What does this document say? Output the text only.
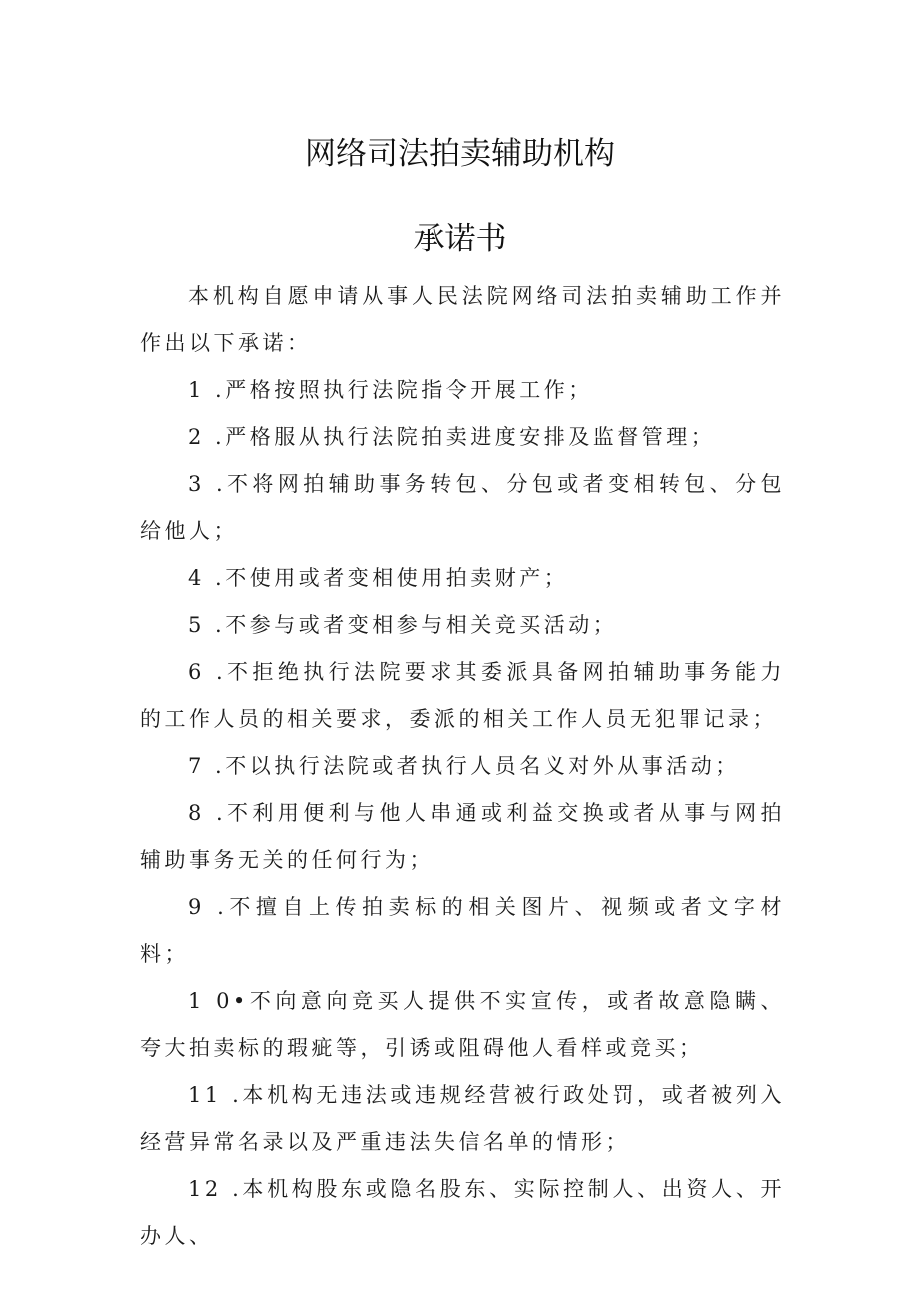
网络司法拍卖辅助机构
承诺书

本机构自愿申请从事人民法院网络司法拍卖辅助工作并作出以下承诺：

1 .严格按照执行法院指令开展工作；

2 .严格服从执行法院拍卖进度安排及监督管理；

3 .不将网拍辅助事务转包、分包或者变相转包、分包给他人；

4 .不使用或者变相使用拍卖财产；

5 .不参与或者变相参与相关竞买活动；

6 .不拒绝执行法院要求其委派具备网拍辅助事务能力的工作人员的相关要求，委派的相关工作人员无犯罪记录；

7 .不以执行法院或者执行人员名义对外从事活动；

8 .不利用便利与他人串通或利益交换或者从事与网拍辅助事务无关的任何行为；

9 .不擅自上传拍卖标的相关图片、视频或者文字材料；

1 0•不向意向竞买人提供不实宣传，或者故意隐瞒、夸大拍卖标的瑕疵等，引诱或阻碍他人看样或竞买；

11 .本机构无违法或违规经营被行政处罚，或者被列入经营异常名录以及严重违法失信名单的情形；

12 .本机构股东或隐名股东、实际控制人、出资人、开办人、
